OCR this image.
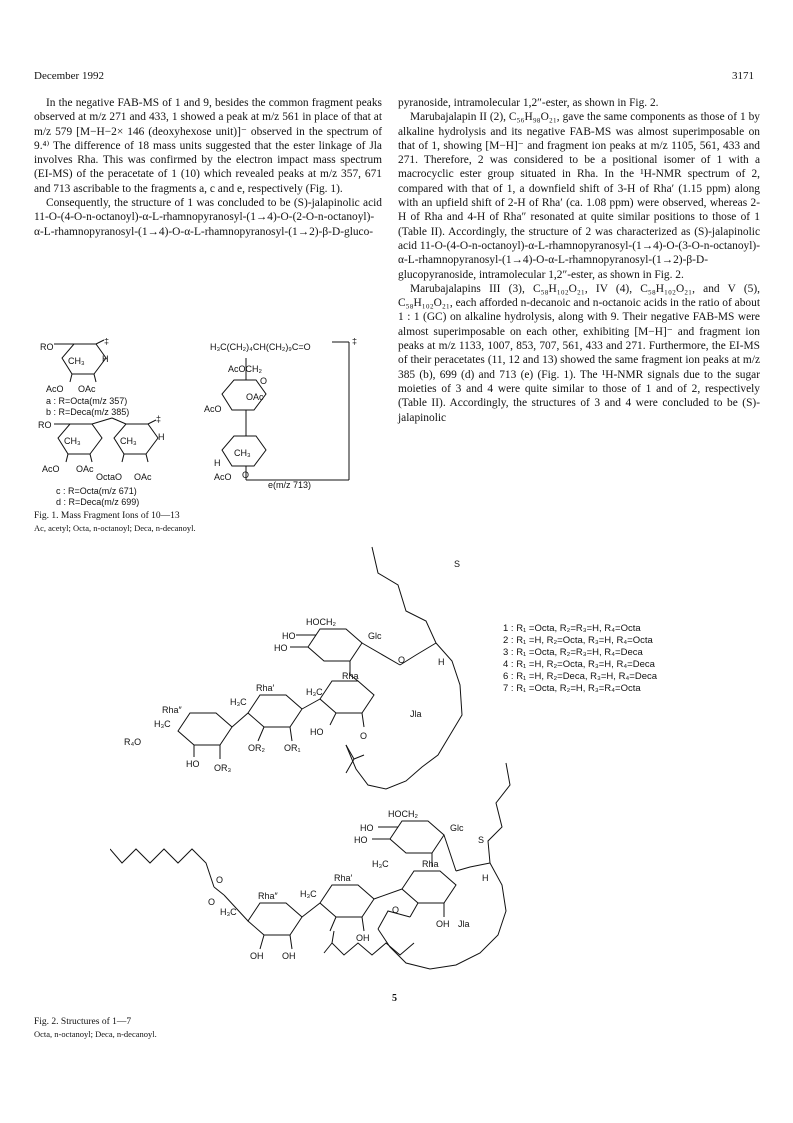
December 1992	3171

In the negative FAB-MS of 1 and 9, besides the common fragment peaks observed at m/z 271 and 433, 1 showed a peak at m/z 561 in place of that at m/z 579 [M−H−2× 146 (deoxyhexose unit)]⁻ observed in the spectrum of 9.⁴⁾ The difference of 18 mass units suggested that the ester linkage of Jla involves Rha. This was confirmed by the electron impact mass spectrum (EI-MS) of the peracetate of 1 (10) which revealed peaks at m/z 357, 671 and 713 ascribable to the fragments a, c and e, respectively (Fig. 1).

Consequently, the structure of 1 was concluded to be (S)-jalapinolic acid 11-O-(4-O-n-octanoyl)-α-L-rhamnopyranosyl-(1→4)-O-(2-O-n-octanoyl)-α-L-rhamnopyranosyl-(1→4)-O-α-L-rhamnopyranosyl-(1→2)-β-D-gluco-

pyranoside, intramolecular 1,2″-ester, as shown in Fig. 2.

Marubajalapin II (2), C₅₆H₉₈O₂₁, gave the same components as those of 1 by alkaline hydrolysis and its negative FAB-MS was almost superimposable on that of 1, showing [M−H]⁻ and fragment ion peaks at m/z 1105, 561, 433 and 271. Therefore, 2 was considered to be a positional isomer of 1 with a macrocyclic ester group situated in Rha. In the ¹H-NMR spectrum of 2, compared with that of 1, a downfield shift of 3-H of Rha′ (1.15 ppm) along with an upfield shift of 2-H of Rha′ (ca. 1.08 ppm) were observed, whereas 2-H of Rha and 4-H of Rha″ resonated at quite similar positions to those of 1 (Table II). Accordingly, the structure of 2 was characterized as (S)-jalapinolic acid 11-O-(4-O-n-octanoyl)-α-L-rhamnopyranosyl-(1→4)-O-(3-O-n-octanoyl)-α-L-rhamnopyranosyl-(1→4)-O-α-L-rhamnopyranosyl-(1→2)-β-D-glucopyranoside, intramolecular 1,2″-ester, as shown in Fig. 2.

Marubajalapins III (3), C₅₈H₁₀₂O₂₁, IV (4), C₅₈H₁₀₂O₂₁, and V (5), C₅₈H₁₀₂O₂₁, each afforded n-decanoic and n-octanoic acids in the ratio of about 1 : 1 (GC) on alkaline hydrolysis, along with 9. Their negative FAB-MS were almost superimposable on each other, exhibiting [M−H]⁻ and fragment ion peaks at m/z 1133, 1007, 853, 707, 561, 433 and 271. Furthermore, the EI-MS of their peracetates (11, 12 and 13) showed the same fragment ion peaks at m/z 385 (b), 699 (d) and 713 (e) (Fig. 1). The ¹H-NMR signals due to the sugar moieties of 3 and 4 were quite similar to those of 1 and of 2, respectively (Table II). Accordingly, the structures of 3 and 4 were concluded to be (S)-jalapinolic

RO
‡
CH₃ H
AcO OAc
a : R=Octa(m/z 357)
b : R=Deca(m/z 385)
RO
CH₃	CH₃ H
‡
AcO OAc
OctaO OAc
c : R=Octa(m/z 671)
d : R=Deca(m/z 699)
H₃C(CH₂)₄CH(CH₂)₉C=O
‡
AcOCH₂
O
OAc
AcO
CH₃
H
AcO O
e(m/z 713)
Fig. 1. Mass Fragment Ions of 10—13
Ac, acetyl; Octa, n-octanoyl; Deca, n-decanoyl.
S
H
HOCH₂
HO
HO
Glc
O
Rha
H₃C
Jla
Rha′
HO	O
H₃C
Rha″
H₃C
R₄O
HO
OR₂ OR₁
OR₃
S
H
HOCH₂
HO
HO
Glc
Rha
H₃C
Jla
OH
Rha′
H₃C
Rha″
H₃C
OH
OH OH
O
O
O
1 : R₁ =Octa, R₂=R₃=H, R₄=Octa
2 : R₁ =H, R₂=Octa, R₃=H, R₄=Octa
3 : R₁ =Octa, R₂=R₃=H, R₄=Deca
4 : R₁ =H, R₂=Octa, R₃=H, R₄=Deca
6 : R₁ =H, R₂=Deca, R₃=H, R₄=Deca
7 : R₁ =Octa, R₂=H, R₃=R₄=Octa
5
Fig. 2. Structures of 1—7
Octa, n-octanoyl; Deca, n-decanoyl.
